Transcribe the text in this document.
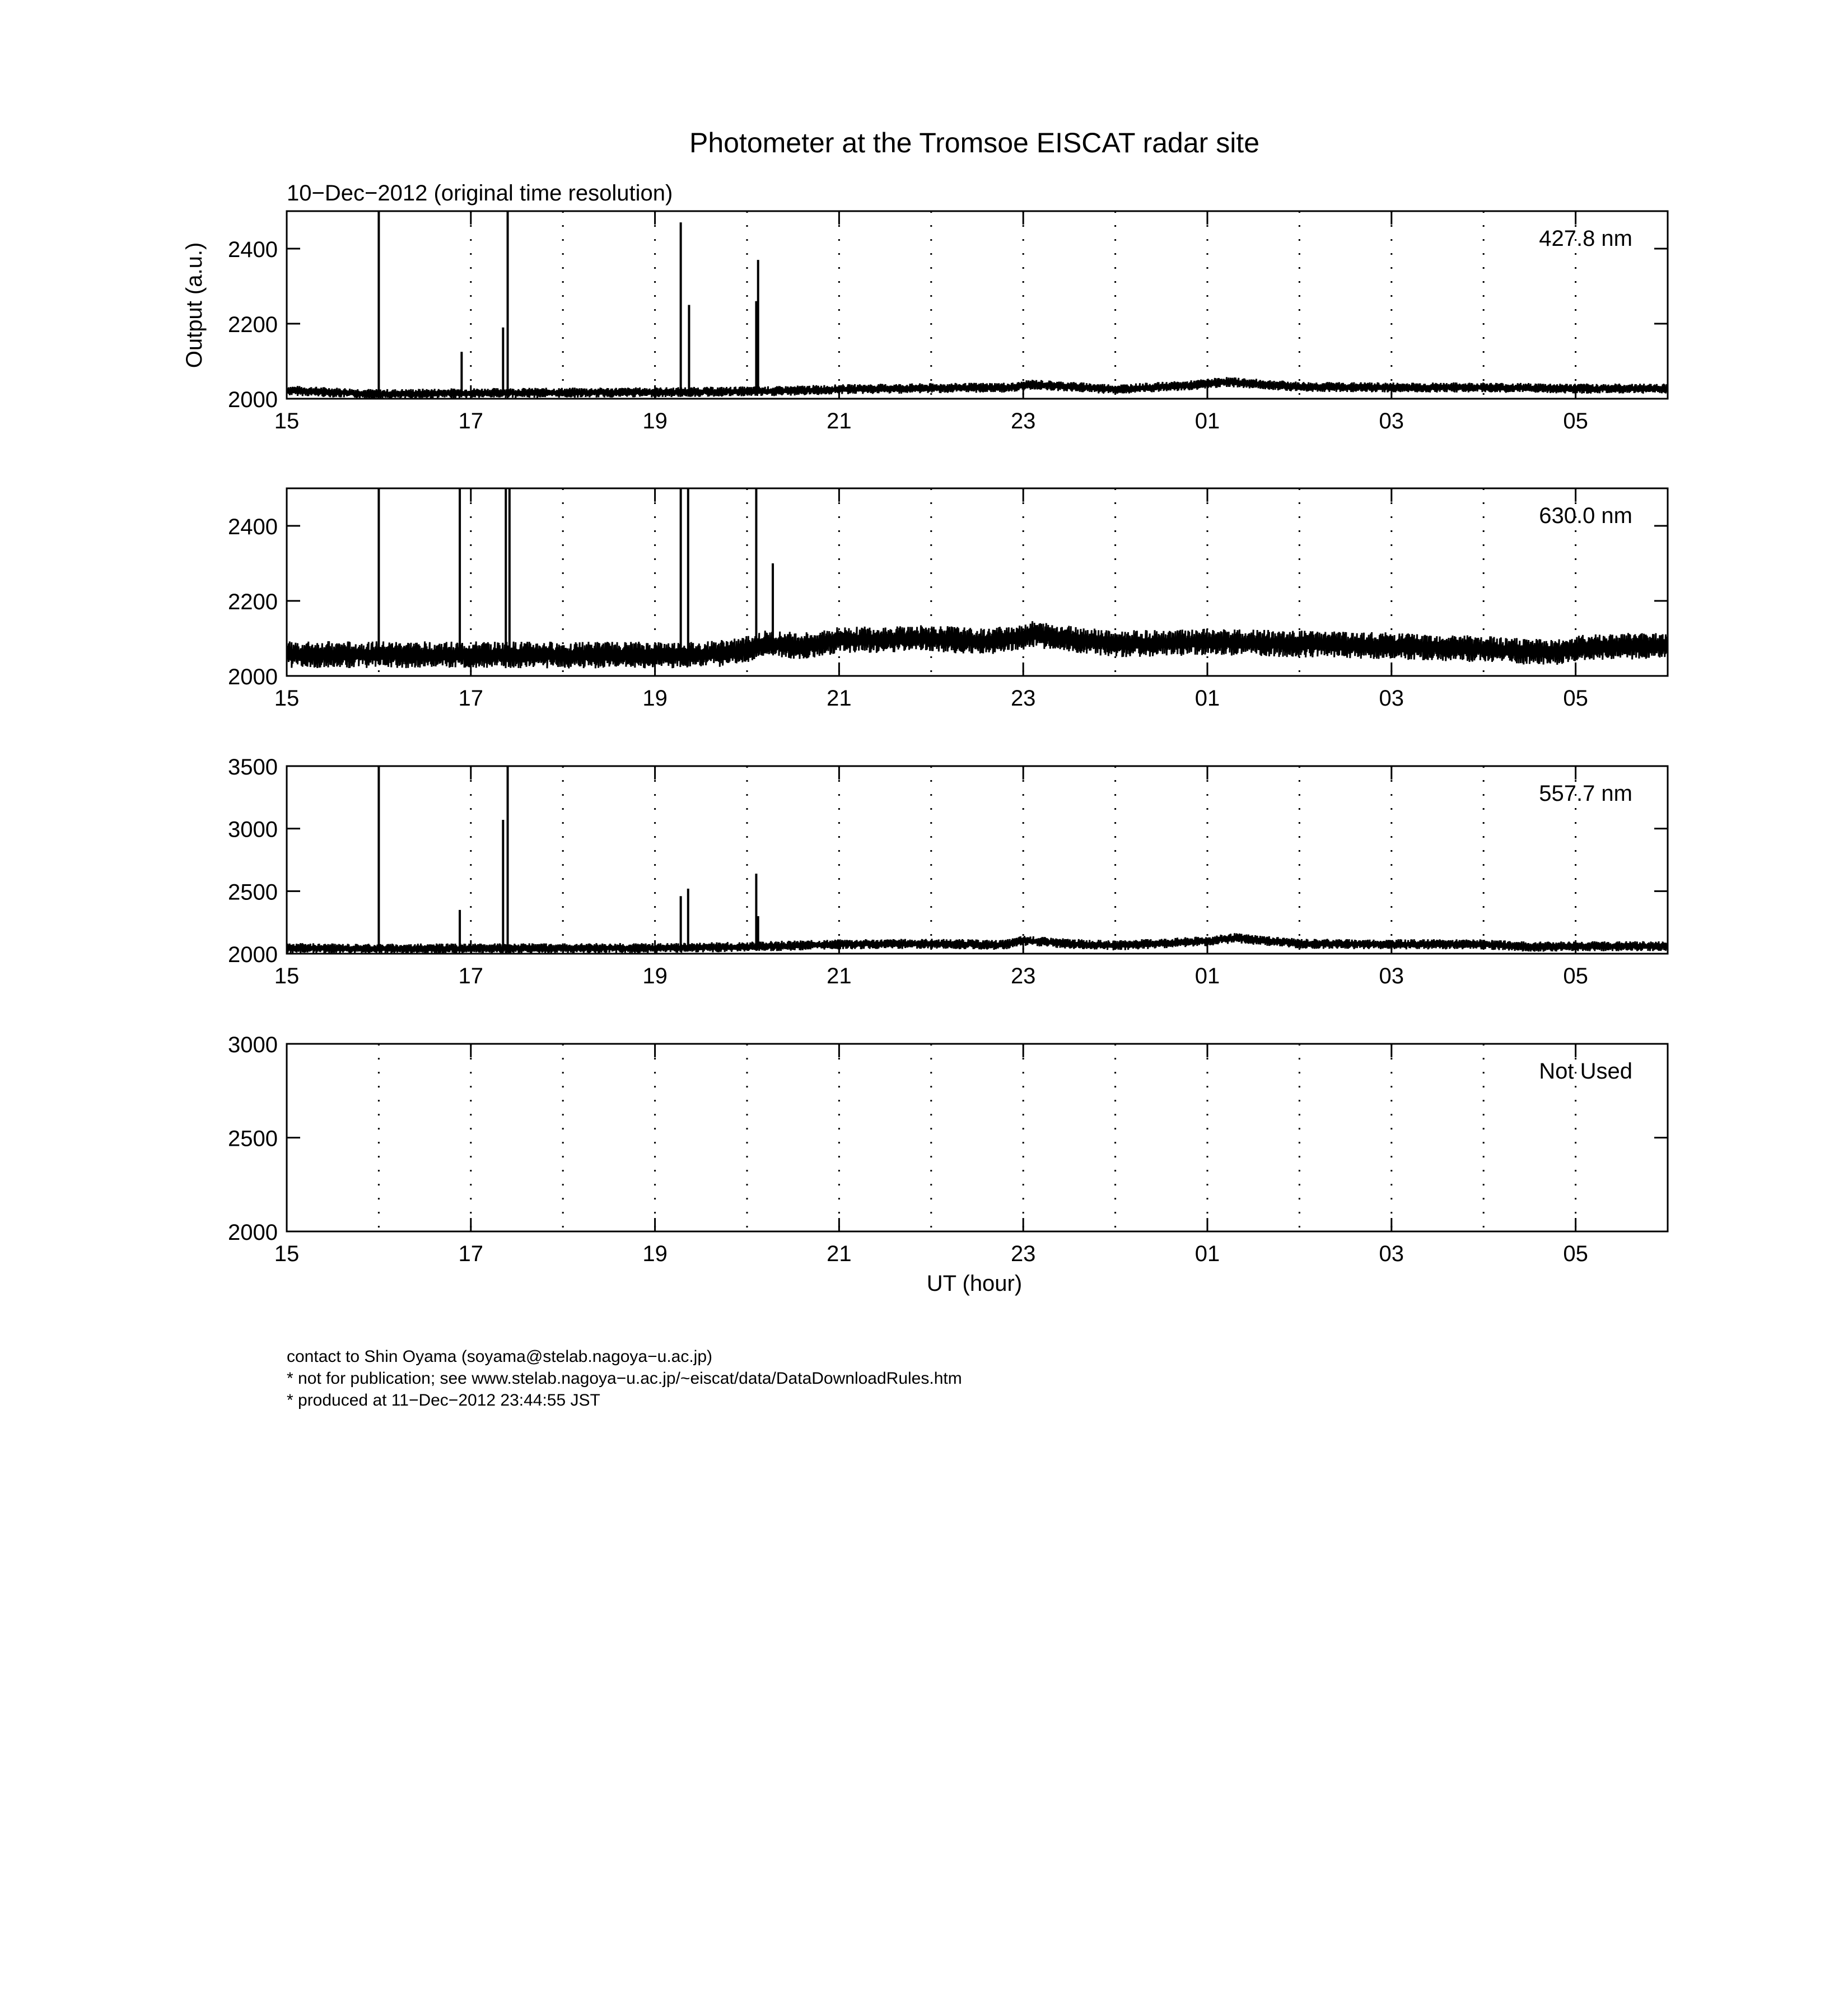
Photometer at the Tromsoe EISCAT radar site
10−Dec−2012 (original time resolution)
Output (a.u.)
UT (hour)
15	17	19	21	23	01	03	05
2000
2200
2400	427.8 nm
15	17	19	21	23	01	03	05
2000
2200
2400	630.0 nm
15	17	19	21	23	01	03	05
2000
2500
3000
3500
557.7 nm
15	17	19	21	23	01	03	05
2000
2500
3000
Not Used
contact to Shin Oyama (soyama@stelab.nagoya−u.ac.jp)
* not for publication; see www.stelab.nagoya−u.ac.jp/~eiscat/data/DataDownloadRules.htm
* produced at 11−Dec−2012 23:44:55 JST
